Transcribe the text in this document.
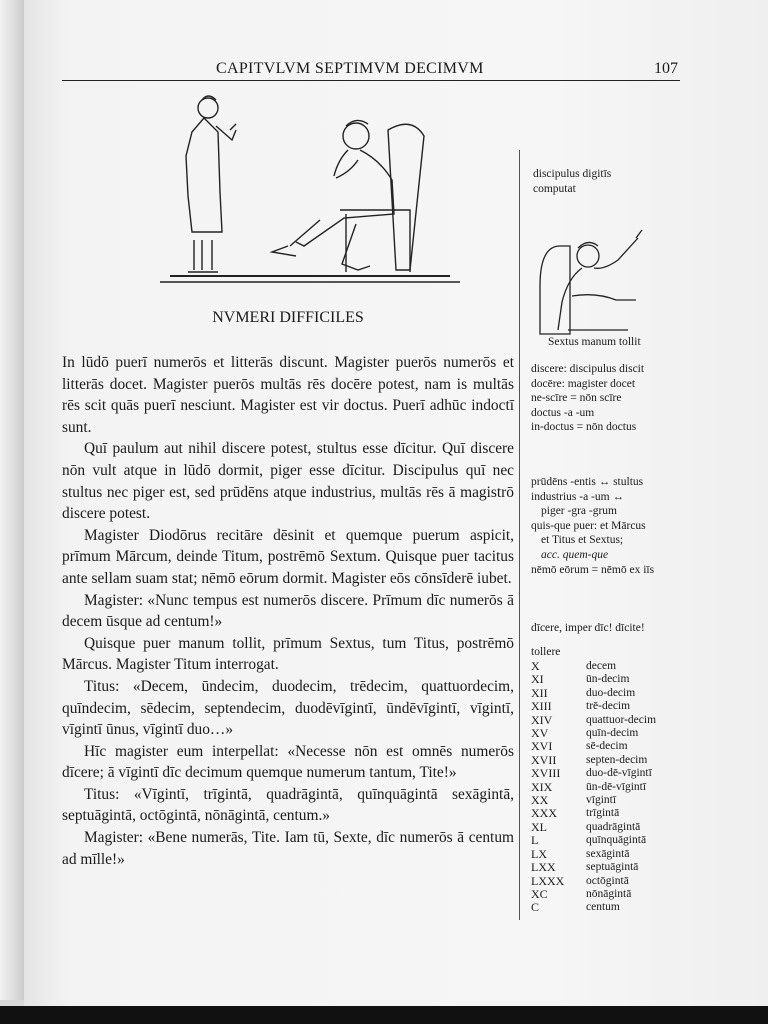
CAPITVLVM SEPTIMVM DECIMVM	107
NVMERI DIFFICILES

In lūdō puerī numerōs et litterās discunt. Magister puerōs numerōs et litterās docet. Magister puerōs multās rēs docēre potest, nam is multās rēs scit quās puerī nesciunt. Magister est vir doctus. Puerī adhūc indoctī sunt.

Quī paulum aut nihil discere potest, stultus esse dīcitur. Quī discere nōn vult atque in lūdō dormit, piger esse dīcitur. Discipulus quī nec stultus nec piger est, sed prūdēns atque industrius, multās rēs ā magistrō discere potest.

Magister Diodōrus recitāre dēsinit et quemque puerum aspicit, prīmum Mārcum, deinde Titum, postrēmō Sextum. Quisque puer tacitus ante sellam suam stat; nēmō eōrum dormit. Magister eōs cōnsīderē iubet.

Magister: «Nunc tempus est numerōs discere. Prīmum dīc numerōs ā decem ūsque ad centum!»

Quisque puer manum tollit, prīmum Sextus, tum Titus, postrēmō Mārcus. Magister Titum interrogat.

Titus: «Decem, ūndecim, duodecim, trēdecim, quattuordecim, quīndecim, sēdecim, septendecim, duodēvīgintī, ūndēvīgintī, vīgintī, vīgintī ūnus, vīgintī duo…»

Hīc magister eum interpellat: «Necesse nōn est omnēs numerōs dīcere; ā vīgintī dīc decimum quemque numerum tantum, Tite!»

Titus: «Vīgintī, trīgintā, quadrāgintā, quīnquāgintā sexāgintā, septuāgintā, octōgintā, nōnāgintā, centum.»

Magister: «Bene numerās, Tite. Iam tū, Sexte, dīc numerōs ā centum ad mīlle!»

discipulus digitīs computat
Sextus manum tollit
discere: discipulus discit
docēre: magister docet
ne-scīre = nōn scīre
doctus -a -um
in-doctus = nōn doctus
prūdēns -entis ↔ stultus
industrius -a -um ↔
piger -gra -grum
quis-que puer: et Mārcus
et Titus et Sextus;
acc. quem-que
nēmō eōrum = nēmō ex iīs
dīcere, imper dīc! dīcite!
tollere
X	decem
XI	ūn-decim
XII	duo-decim
XIII	trē-decim
XIV	quattuor-decim
XV	quīn-decim
XVI	sē-decim
XVII	septen-decim
XVIII	duo-dē-vīgintī
XIX	ūn-dē-vīgintī
XX	vīgintī
XXX	trīgintā
XL	quadrāgintā
L	quīnquāgintā
LX	sexāgintā
LXX	septuāgintā
LXXX	octōgintā
XC	nōnāgintā
C	centum
